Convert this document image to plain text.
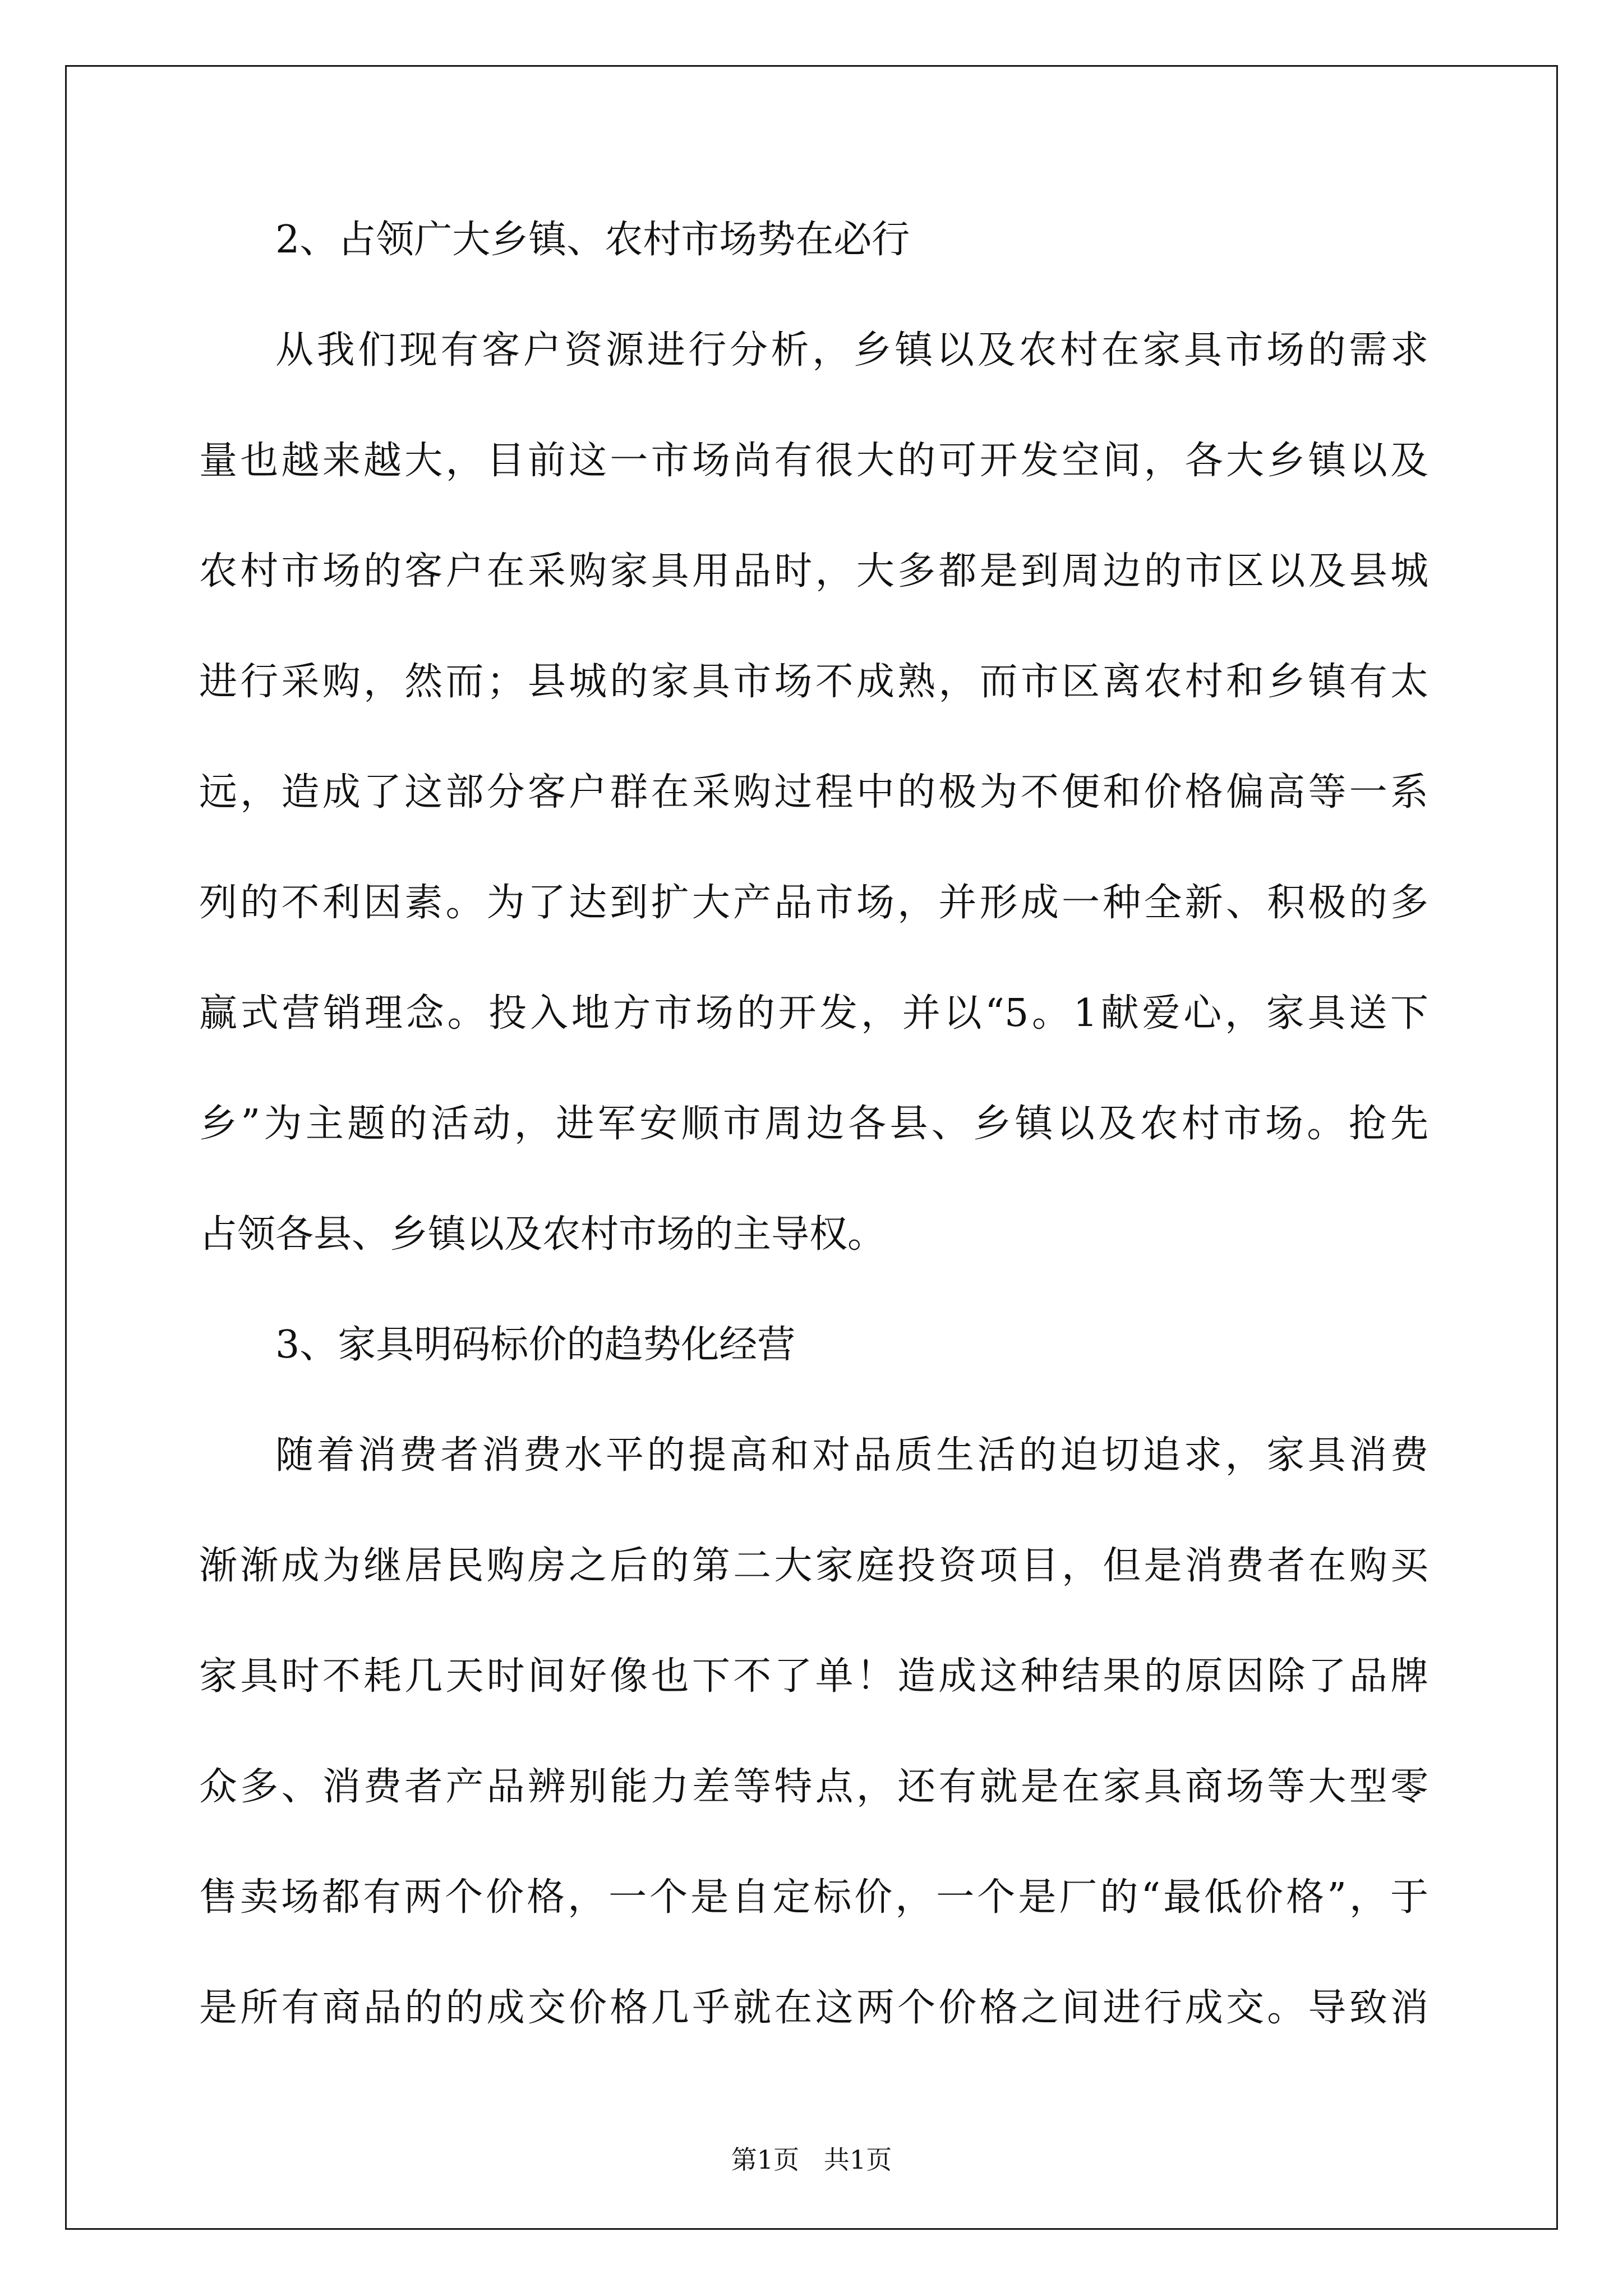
2、占领广大乡镇、农村市场势在必行
从我们现有客户资源进行分析，乡镇以及农村在家具市场的需求
量也越来越大，目前这一市场尚有很大的可开发空间，各大乡镇以及
农村市场的客户在采购家具用品时，大多都是到周边的市区以及县城
进行采购，然而；县城的家具市场不成熟，而市区离农村和乡镇有太
远，造成了这部分客户群在采购过程中的极为不便和价格偏高等一系
列的不利因素。为了达到扩大产品市场，并形成一种全新、积极的多
赢式营销理念。投入地方市场的开发，并以“5。1献爱心，家具送下
乡”为主题的活动，进军安顺市周边各县、乡镇以及农村市场。抢先
占领各县、乡镇以及农村市场的主导权。
3、家具明码标价的趋势化经营
随着消费者消费水平的提高和对品质生活的迫切追求，家具消费
渐渐成为继居民购房之后的第二大家庭投资项目，但是消费者在购买
家具时不耗几天时间好像也下不了单！造成这种结果的原因除了品牌
众多、消费者产品辨别能力差等特点，还有就是在家具商场等大型零
售卖场都有两个价格，一个是自定标价，一个是厂的“最低价格”，于
是所有商品的的成交价格几乎就在这两个价格之间进行成交。导致消
第1页   共1页
